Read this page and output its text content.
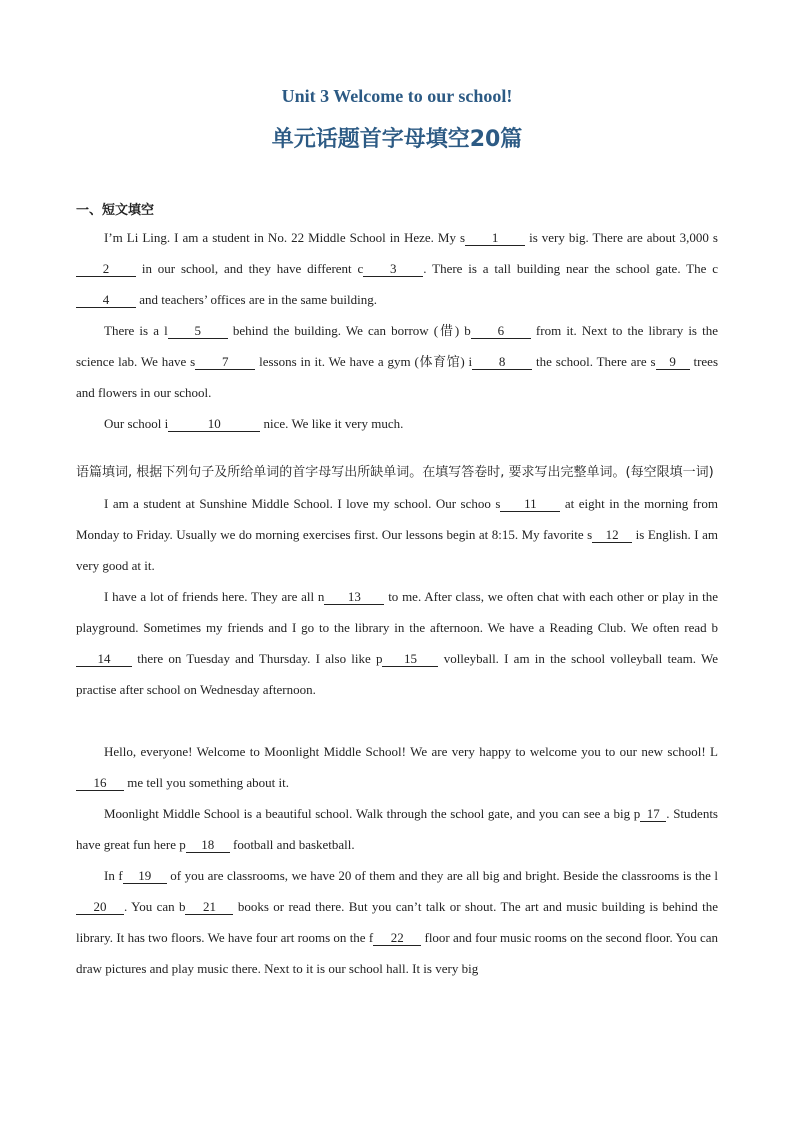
Unit 3 Welcome to our school!
单元话题首字母填空20篇
一、短文填空

I’m Li Ling. I am a student in No. 22 Middle School in Heze. My s 1 is very big. There are about 3,000 s2 in our school, and they have different c 3 . There is a tall building near the school gate. The c4 and teachers’ offices are in the same building.

There is a l 5 behind the building. We can borrow (借) b 6 from it. Next to the library is the science lab. We have s 7 lessons in it. We have a gym (体育馆) i 8 the school. There are s 9 trees and flowers in our school.

Our school i	10	nice. We like it very much.

语篇填词, 根据下列句子及所给单词的首字母写出所缺单词。在填写答卷时, 要求写出完整单词。(每空限填一词)

I am a student at Sunshine Middle School. I love my school. Our schoo s 11 at eight in the morning from Monday to Friday. Usually we do morning exercises first. Our lessons begin at 8:15. My favorite s 12 is English. I am very good at it.

I have a lot of friends here. They are all n 13 to me. After class, we often chat with each other or play in the playground. Sometimes my friends and I go to the library in the afternoon. We have a Reading Club. We often read b14 there on Tuesday and Thursday. I also like p 15 volleyball. I am in the school volleyball team. We practise after school on Wednesday afternoon.

Hello, everyone! Welcome to Moonlight Middle School! We are very happy to welcome you to our new school! L16 me tell you something about it.

Moonlight Middle School is a beautiful school. Walk through the school gate, and you can see a big p 17 . Students have great fun here p 18 football and basketball.

In f 19 of you are classrooms, we have 20 of them and they are all big and bright. Beside the classrooms is the l20 . You can b 21 books or read there. But you can’t talk or shout. The art and music building is behind the library. It has two floors. We have four art rooms on the f 22 floor and four music rooms on the second floor. You can draw pictures and play music there. Next to it is our school hall. It is very big
